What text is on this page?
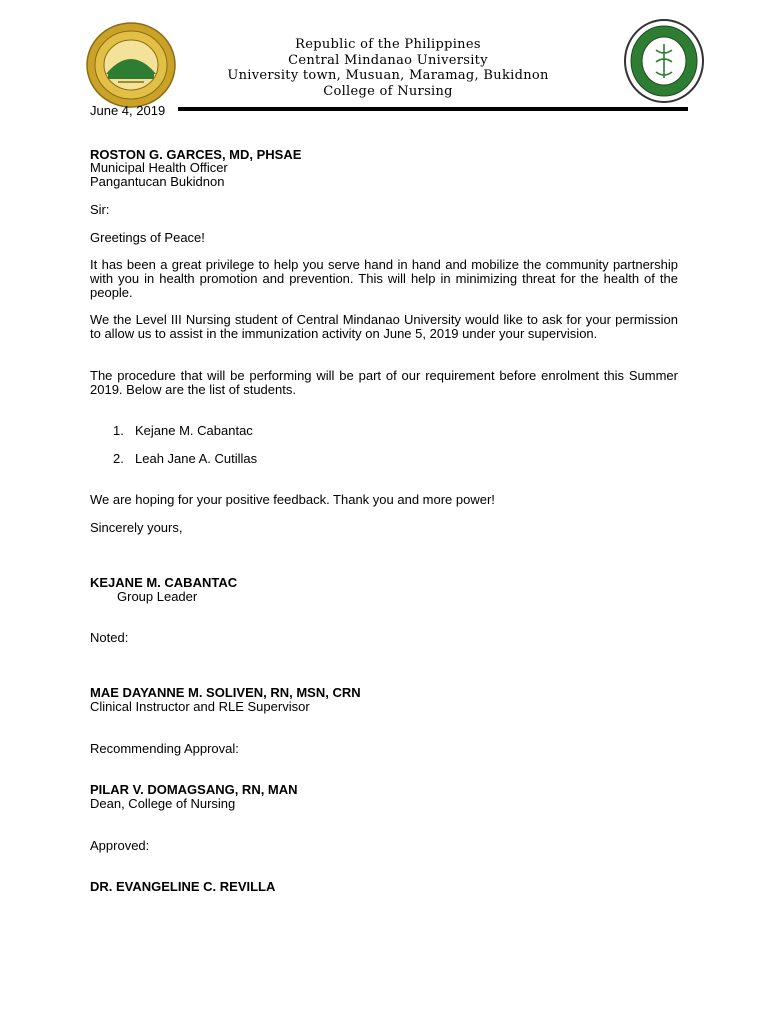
Republic of the Philippines
Central Mindanao University
University town, Musuan, Maramag, Bukidnon
College of Nursing
June 4, 2019
ROSTON G. GARCES, MD, PHSAE
Municipal Health Officer
Pangantucan Bukidnon
Sir:
Greetings of Peace!
It has been a great privilege to help you serve hand in hand and mobilize the community partnership with you in health promotion and prevention. This will help in minimizing threat for the health of the people.
We the Level III Nursing student of Central Mindanao University would like to ask for your permission to allow us to assist in the immunization activity on June 5, 2019 under your supervision.
The procedure that will be performing will be part of our requirement before enrolment this Summer 2019. Below are the list of students.
1. Kejane M. Cabantac
2. Leah Jane A. Cutillas
We are hoping for your positive feedback. Thank you and more power!
Sincerely yours,
KEJANE M. CABANTAC
Group Leader
Noted:
MAE DAYANNE M. SOLIVEN, RN, MSN, CRN
Clinical Instructor and RLE Supervisor
Recommending Approval:
PILAR V. DOMAGSANG, RN, MAN
Dean, College of Nursing
Approved:
DR. EVANGELINE C. REVILLA
